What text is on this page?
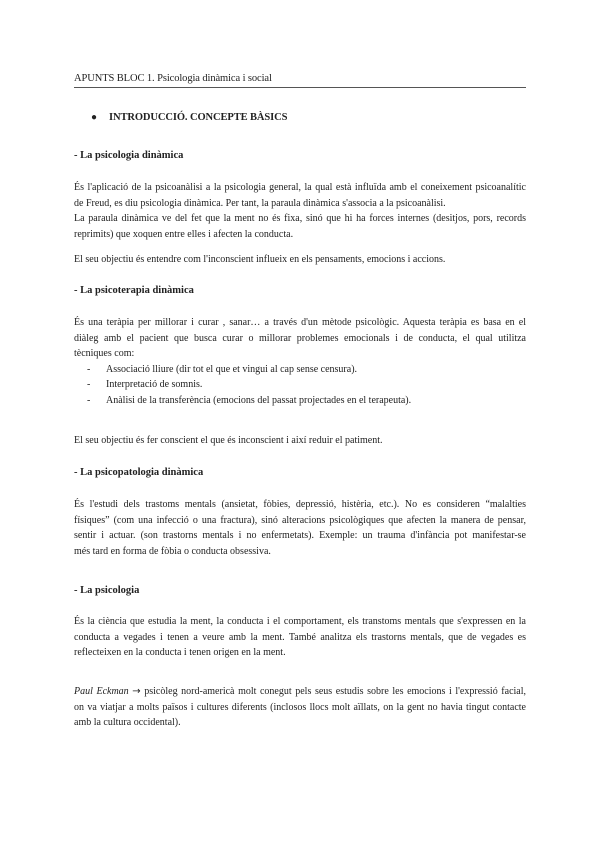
APUNTS BLOC 1. Psicologia dinàmica i social
● INTRODUCCIÓ. CONCEPTE BÀSICS
- La psicologia dinàmica

És l'aplicació de la psicoanàlisi a la psicologia general, la qual està influïda amb el coneixement psicoanalític

de Freud, es diu psicologia dinàmica. Per tant, la paraula dinàmica s'associa a la psicoanàlisi.

La paraula dinàmica ve del fet que la ment no és fixa, sinó que hi ha forces internes (desitjos, pors, records

reprimits) que xoquen entre elles i afecten la conducta.

El seu objectiu és entendre com l'inconscient influeix en els pensaments, emocions i accions.

- La psicoterapia dinàmica

És una teràpia per millorar i curar , sanar… a través d'un mètode psicològic. Aquesta teràpia es basa en el

diàleg amb el pacient que busca curar o millorar problemes emocionals i de conducta, el qual utilitza

tècniques com:

- Associació lliure (dir tot el que et vingui al cap sense censura).
- Interpretació de somnis.
- Anàlisi de la transferència (emocions del passat projectades en el terapeuta).

El seu objectiu és fer conscient el que és inconscient i així reduir el patiment.

- La psicopatologia dinàmica

És l'estudi dels trastoms mentals (ansietat, fòbies, depressió, histèria, etc.). No es consideren “malalties

físiques” (com una infecció o una fractura), sinó alteracions psicològiques que afecten la manera de pensar,

sentir i actuar. (son trastorns mentals i no enfermetats). Exemple: un trauma d'infància pot manifestar-se

més tard en forma de fòbia o conducta obsessiva.

- La psicologia

És la ciència que estudia la ment, la conducta i el comportament, els transtoms mentals que s'expressen en la

conducta a vegades i tenen a veure amb la ment. També analitza els trastorns mentals, que de vegades es

reflecteixen en la conducta i tenen origen en la ment.

Paul Eckman → psicòleg nord-americà molt conegut pels seus estudis sobre les emocions i l'expressió facial,

on va viatjar a molts països i cultures diferents (inclosos llocs molt aïllats, on la gent no havia tingut contacte

amb la cultura occidental).
